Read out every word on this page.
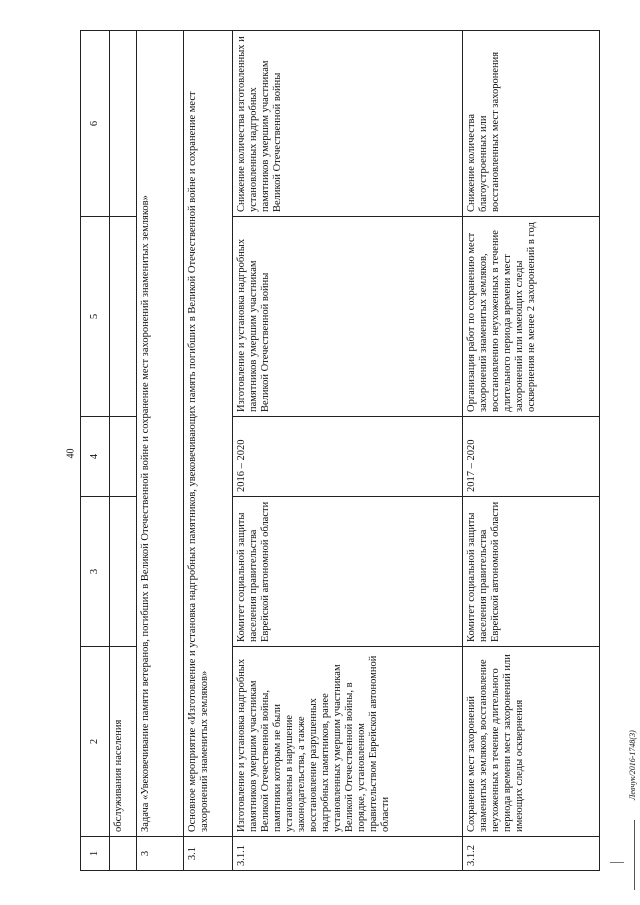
40
1	2	3	4	5	6
	обслуживания населения				
3	Задача «Увековечивание памяти ветеранов, погибших в Великой Отечественной войне и сохранение мест захоронений знаменитых земляков»				
3.1	Основное мероприятие «Изготовление и установка надгробных памятников, увековечивающих память погибших в Великой Отечественной войне и сохранение мест захоронений знаменитых земляков»				
3.1.1	Изготовление и установка надгробных памятников умершим участникам Великой Отечественной войны, памятники которым не были установлены в нарушение законодательства, а также восстановление разрушенных надгробных памятников, ранее установленных умершим участникам Великой Отечественной войны, в порядке, установленном правительством Еврейской автономной области	Комитет социальной защиты населения правительства Еврейской автономной области	2016 – 2020	Изготовление и установка надгробных памятников умершим участникам Великой Отечественной войны	Снижение количества изготовленных и установленных надгробных памятников умершим участникам Великой Отечественной войны
3.1.2	Сохранение мест захоронений знаменитых земляков, восстановление неухоженных в течение длительного периода времени мест захоронений или имеющих следы осквернения	Комитет социальной защиты населения правительства Еврейской автономной области	2017 – 2020	Организация работ по сохранению мест захоронений знаменитых земляков, восстановлению неухоженных в течение длительного периода времени мест захоронений или имеющих следы осквернения не менее 2 захоронений в год	Снижение количества благоустроенных или восстановленных мест захоронения
Левчук/2016-1748(3)
